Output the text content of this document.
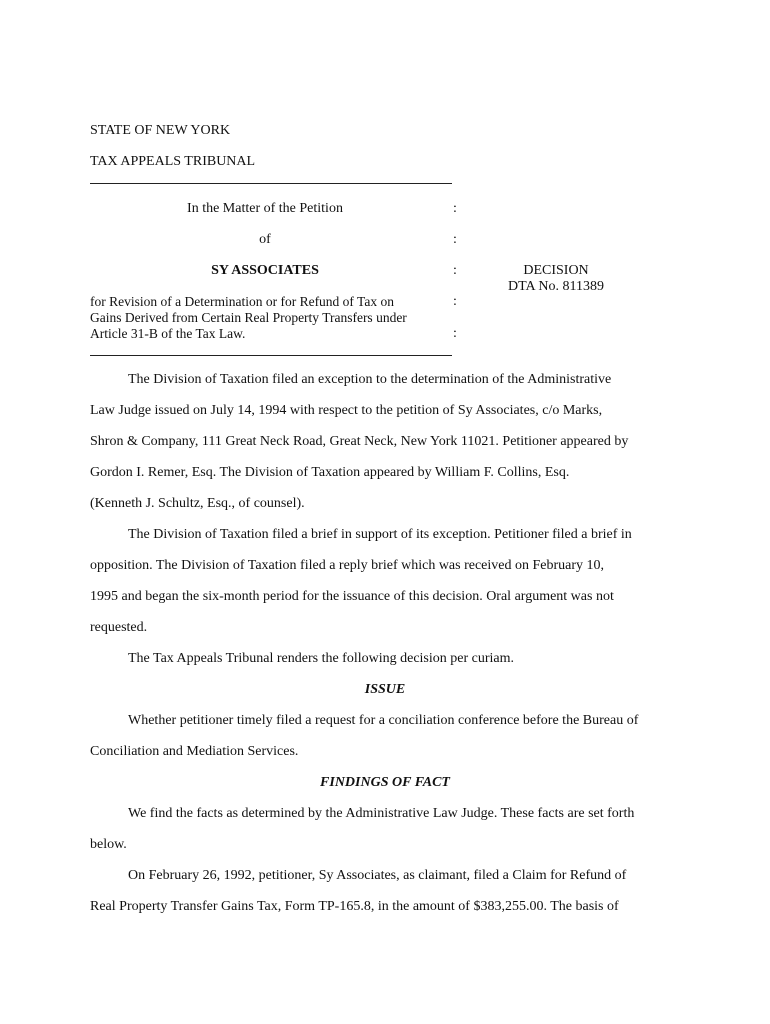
STATE OF NEW YORK
TAX APPEALS TRIBUNAL
In the Matter of the Petition	:
of	:
SY ASSOCIATES	:	DECISION
DTA No. 811389
for Revision of a Determination or for Refund of Tax on	:
Gains Derived from Certain Real Property Transfers under
Article 31-B of the Tax Law.	:
The Division of Taxation filed an exception to the determination of the Administrative
Law Judge issued on July 14, 1994 with respect to the petition of Sy Associates, c/o Marks,
Shron & Company, 111 Great Neck Road, Great Neck, New York 11021. Petitioner appeared by
Gordon I. Remer, Esq. The Division of Taxation appeared by William F. Collins, Esq.
(Kenneth J. Schultz, Esq., of counsel).
The Division of Taxation filed a brief in support of its exception. Petitioner filed a brief in
opposition. The Division of Taxation filed a reply brief which was received on February 10,
1995 and began the six-month period for the issuance of this decision. Oral argument was not
requested.
The Tax Appeals Tribunal renders the following decision per curiam.
ISSUE
Whether petitioner timely filed a request for a conciliation conference before the Bureau of
Conciliation and Mediation Services.
FINDINGS OF FACT
We find the facts as determined by the Administrative Law Judge. These facts are set forth
below.
On February 26, 1992, petitioner, Sy Associates, as claimant, filed a Claim for Refund of
Real Property Transfer Gains Tax, Form TP-165.8, in the amount of $383,255.00. The basis of
